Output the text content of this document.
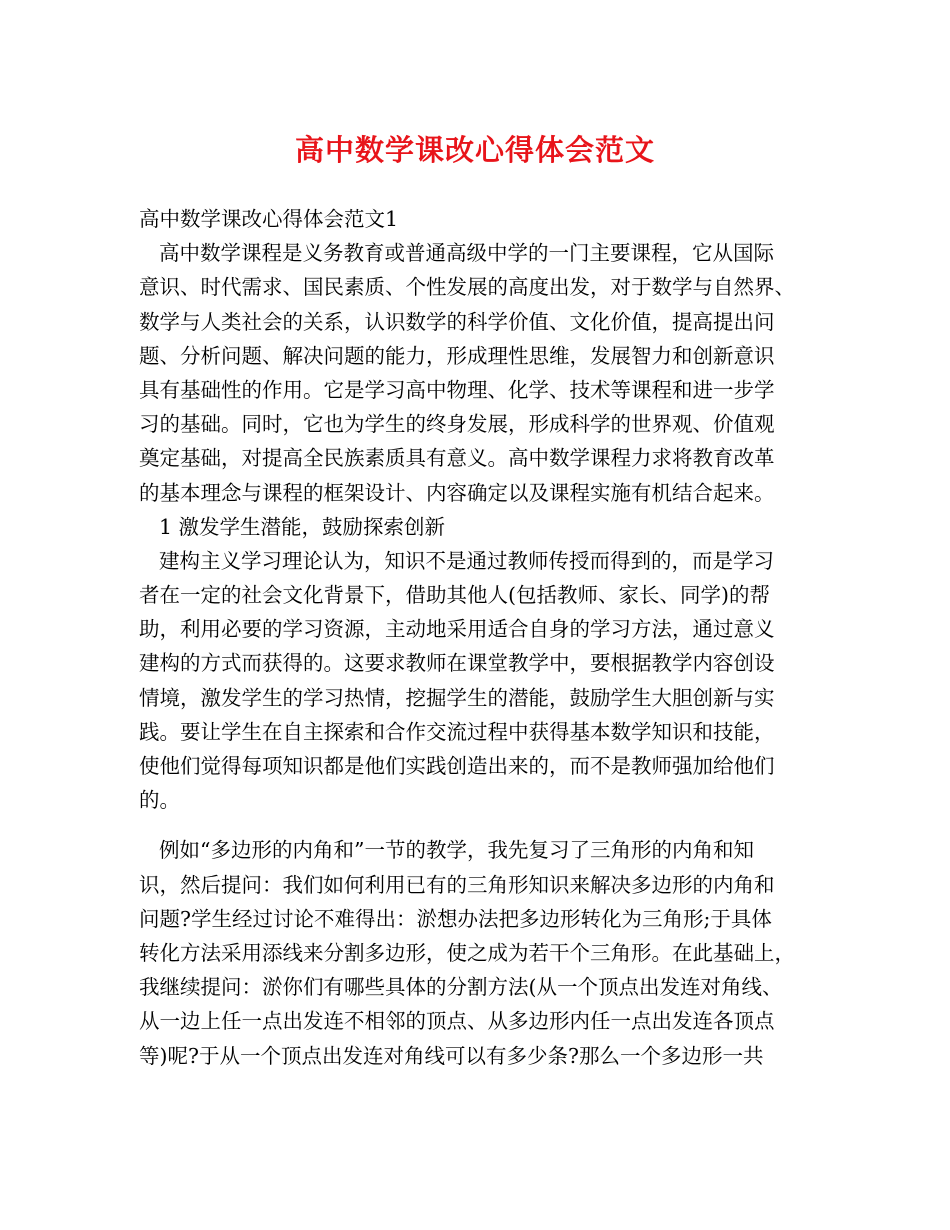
高中数学课改心得体会范文
高中数学课改心得体会范文1
高中数学课程是义务教育或普通高级中学的一门主要课程，它从国际
意识、时代需求、国民素质、个性发展的高度出发，对于数学与自然界、
数学与人类社会的关系，认识数学的科学价值、文化价值，提高提出问
题、分析问题、解决问题的能力，形成理性思维，发展智力和创新意识
具有基础性的作用。它是学习高中物理、化学、技术等课程和进一步学
习的基础。同时，它也为学生的终身发展，形成科学的世界观、价值观
奠定基础，对提高全民族素质具有意义。高中数学课程力求将教育改革
的基本理念与课程的框架设计、内容确定以及课程实施有机结合起来。
1 激发学生潜能，鼓励探索创新
建构主义学习理论认为，知识不是通过教师传授而得到的，而是学习
者在一定的社会文化背景下，借助其他人(包括教师、家长、同学)的帮
助，利用必要的学习资源，主动地采用适合自身的学习方法，通过意义
建构的方式而获得的。这要求教师在课堂教学中，要根据教学内容创设
情境，激发学生的学习热情，挖掘学生的潜能，鼓励学生大胆创新与实
践。要让学生在自主探索和合作交流过程中获得基本数学知识和技能，
使他们觉得每项知识都是他们实践创造出来的，而不是教师强加给他们
的。
例如“多边形的内角和”一节的教学，我先复习了三角形的内角和知
识，然后提问：我们如何利用已有的三角形知识来解决多边形的内角和
问题?学生经过讨论不难得出：淤想办法把多边形转化为三角形;于具体
转化方法采用添线来分割多边形，使之成为若干个三角形。在此基础上，
我继续提问：淤你们有哪些具体的分割方法(从一个顶点出发连对角线、
从一边上任一点出发连不相邻的顶点、从多边形内任一点出发连各顶点
等)呢?于从一个顶点出发连对角线可以有多少条?那么一个多边形一共
